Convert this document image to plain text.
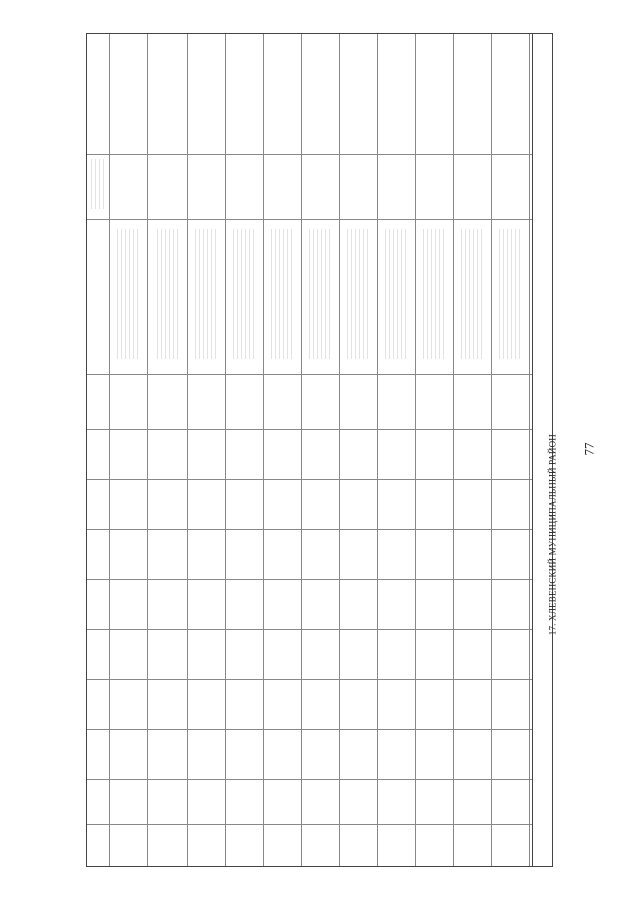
17. ХЛЕВЕНСКИЙ МУНИЦИПАЛЬНЫЙ РАЙОН 77
